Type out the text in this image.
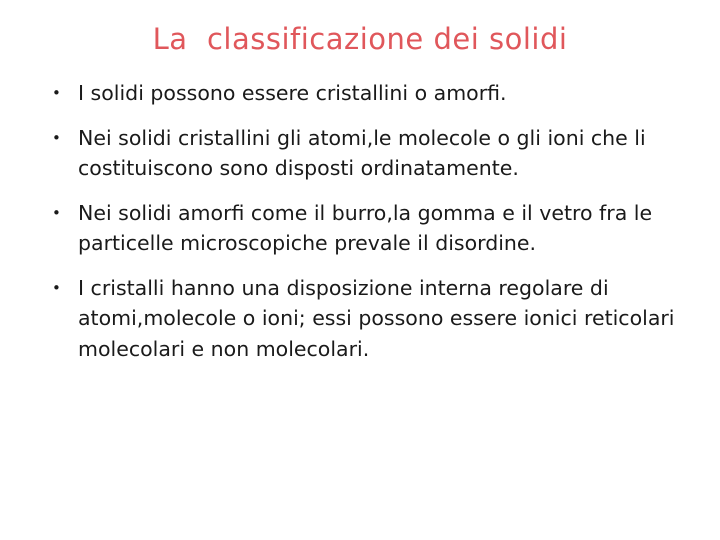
La  classificazione dei solidi
• I solidi possono essere cristallini o amorfi.
• Nei solidi cristallini gli atomi,le molecole o gli ioni che li costituiscono sono disposti ordinatamente.
• Nei solidi amorfi come il burro,la gomma e il vetro fra le particelle microscopiche prevale il disordine.
• I cristalli hanno una disposizione interna regolare di atomi,molecole o ioni; essi possono essere ionici reticolari molecolari e non molecolari.
